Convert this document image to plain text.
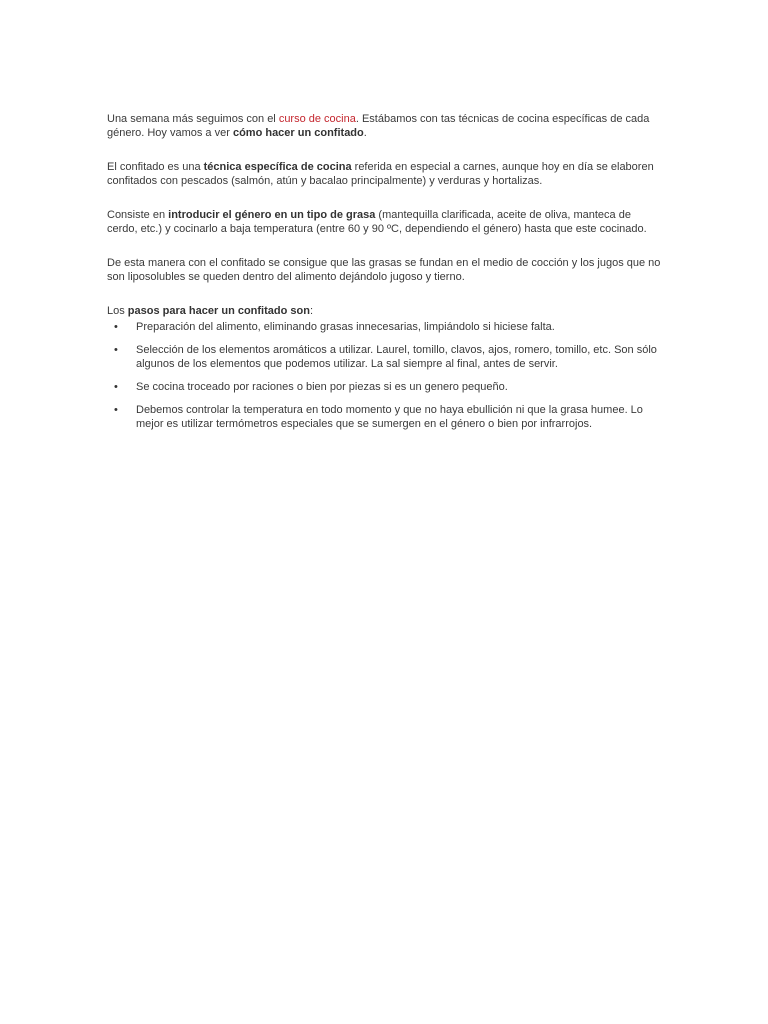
Una semana más seguimos con el curso de cocina. Estábamos con tas técnicas de cocina específicas de cada género. Hoy vamos a ver cómo hacer un confitado.

El confitado es una técnica específica de cocina referida en especial a carnes, aunque hoy en día se elaboren confitados con pescados (salmón, atún y bacalao principalmente) y verduras y hortalizas.

Consiste en introducir el género en un tipo de grasa (mantequilla clarificada, aceite de oliva, manteca de cerdo, etc.) y cocinarlo a baja temperatura (entre 60 y 90 ºC, dependiendo el género) hasta que este cocinado.

De esta manera con el confitado se consigue que las grasas se fundan en el medio de cocción y los jugos que no son liposolubles se queden dentro del alimento dejándolo jugoso y tierno.

Los pasos para hacer un confitado son:

• Preparación del alimento, eliminando grasas innecesarias, limpiándolo si hiciese falta.
• Selección de los elementos aromáticos a utilizar. Laurel, tomillo, clavos, ajos, romero, tomillo, etc. Son sólo algunos de los elementos que podemos utilizar. La sal siempre al final, antes de servir.
• Se cocina troceado por raciones o bien por piezas si es un genero pequeño.
• Debemos controlar la temperatura en todo momento y que no haya ebullición ni que la grasa humee. Lo mejor es utilizar termómetros especiales que se sumergen en el género o bien por infrarrojos.
